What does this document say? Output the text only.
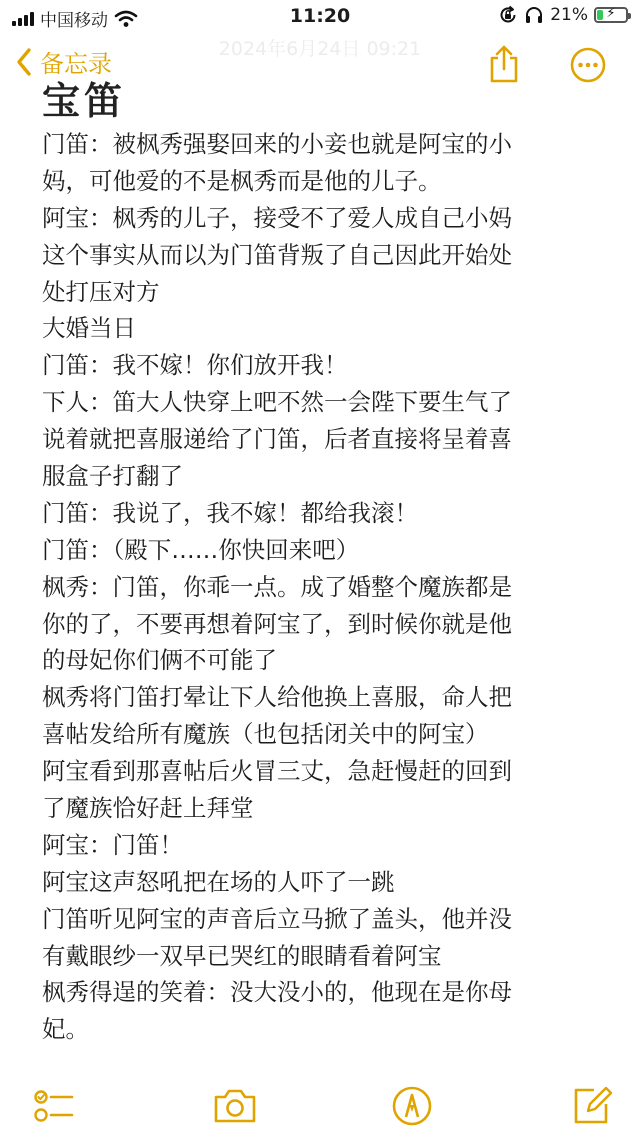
中国移动	11:20	21%	⚡
2024年6月24日 09:21
备忘录
宝笛
门笛：被枫秀强娶回来的小妾也就是阿宝的小
妈，可他爱的不是枫秀而是他的儿子。
阿宝：枫秀的儿子，接受不了爱人成自己小妈
这个事实从而以为门笛背叛了自己因此开始处
处打压对方
大婚当日
门笛：我不嫁！你们放开我！
下人：笛大人快穿上吧不然一会陛下要生气了
说着就把喜服递给了门笛，后者直接将呈着喜
服盒子打翻了
门笛：我说了，我不嫁！都给我滚！
门笛：（殿下……你快回来吧）
枫秀：门笛，你乖一点。成了婚整个魔族都是
你的了，不要再想着阿宝了，到时候你就是他
的母妃你们俩不可能了
枫秀将门笛打晕让下人给他换上喜服，命人把
喜帖发给所有魔族（也包括闭关中的阿宝）
阿宝看到那喜帖后火冒三丈，急赶慢赶的回到
了魔族恰好赶上拜堂
阿宝：门笛！
阿宝这声怒吼把在场的人吓了一跳
门笛听见阿宝的声音后立马掀了盖头，他并没
有戴眼纱一双早已哭红的眼睛看着阿宝
枫秀得逞的笑着：没大没小的，他现在是你母
妃。
